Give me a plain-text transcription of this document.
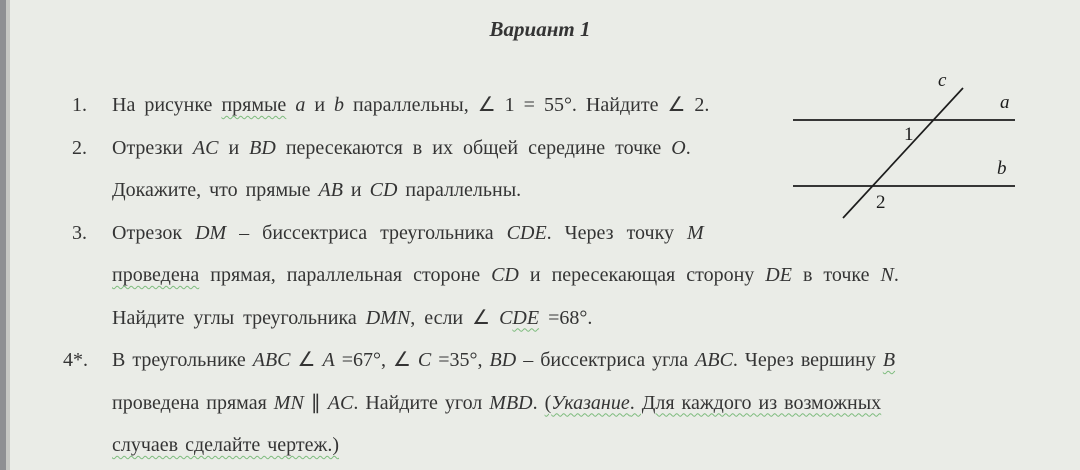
Вариант 1
1. На рисунке прямые a и b параллельны, ∠ 1 = 55°. Найдите ∠ 2.
2. Отрезки AC и BD пересекаются в их общей середине точке O.
Докажите, что прямые AB и CD параллельны.
3. Отрезок DM – биссектриса треугольника CDE. Через точку M
проведена прямая, параллельная стороне CD и пересекающая сторону DE в точке N.
Найдите углы треугольника DMN, если ∠ CDE =68°.
4*. В треугольнике ABC ∠ A =67°, ∠ C =35°, BD – биссектриса угла ABC. Через вершину B
проведена прямая MN ∥ AC. Найдите угол MBD. (Указание. Для каждого из возможных
случаев сделайте чертеж.)
c
a
b
1
2
